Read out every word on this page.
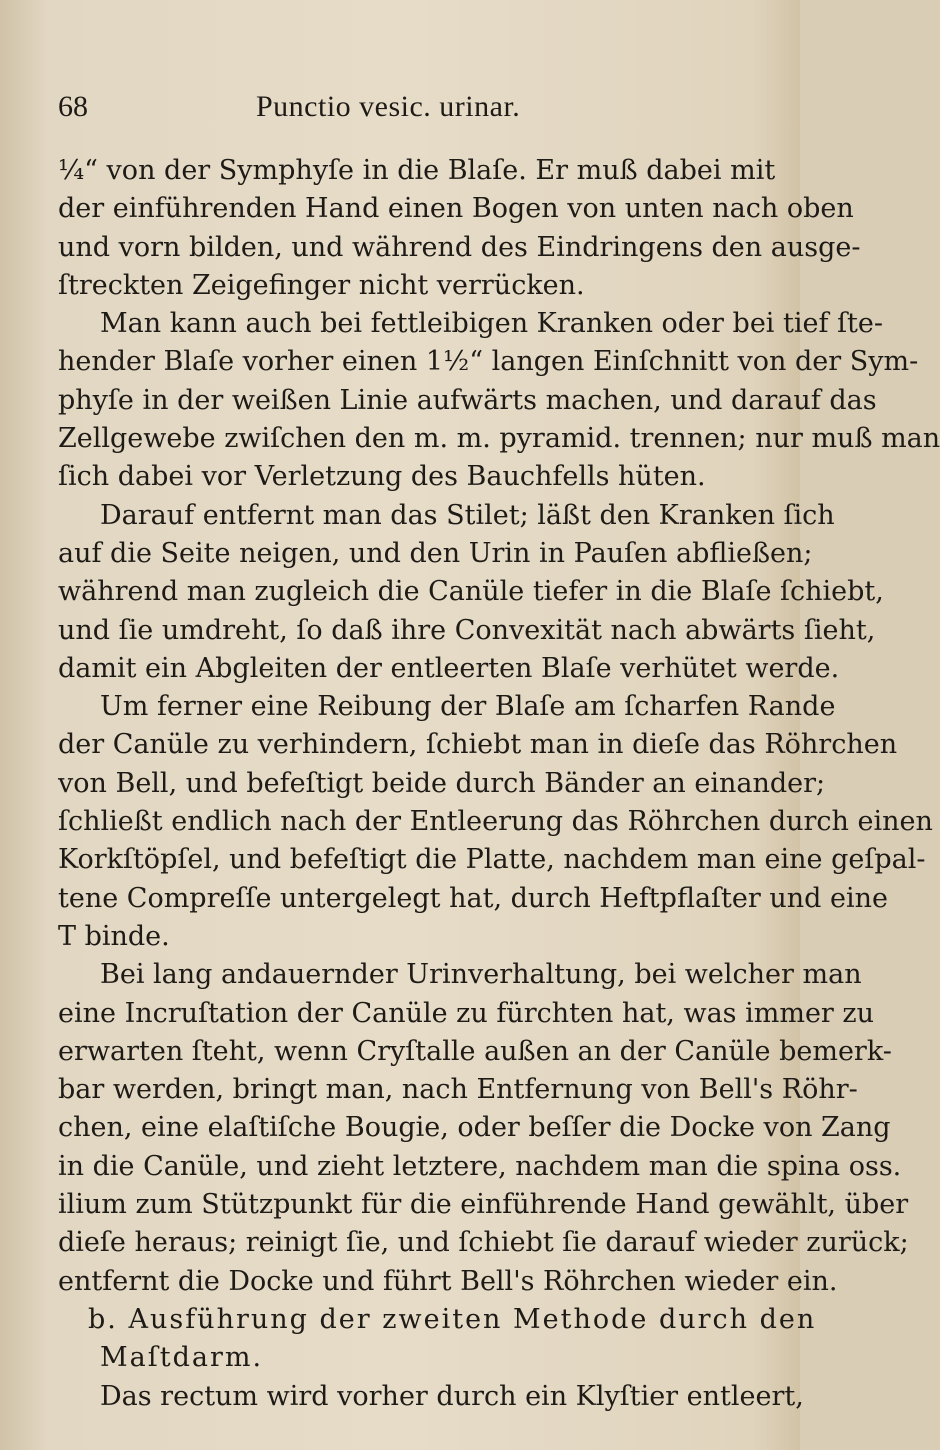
68	Punctio vesic. urinar.
¼“ von der Symphyſe in die Blaſe. Er muß dabei mit
der einführenden Hand einen Bogen von unten nach oben
und vorn bilden, und während des Eindringens den ausge-
ſtreckten Zeigefinger nicht verrücken.
Man kann auch bei fettleibigen Kranken oder bei tief ſte-
hender Blaſe vorher einen 1½“ langen Einſchnitt von der Sym-
phyſe in der weißen Linie aufwärts machen, und darauf das
Zellgewebe zwiſchen den m. m. pyramid. trennen; nur muß man
ſich dabei vor Verletzung des Bauchfells hüten.
Darauf entfernt man das Stilet; läßt den Kranken ſich
auf die Seite neigen, und den Urin in Pauſen abfließen;
während man zugleich die Canüle tiefer in die Blaſe ſchiebt,
und ſie umdreht, ſo daß ihre Convexität nach abwärts ſieht,
damit ein Abgleiten der entleerten Blaſe verhütet werde.
Um ferner eine Reibung der Blaſe am ſcharfen Rande
der Canüle zu verhindern, ſchiebt man in dieſe das Röhrchen
von Bell, und befeſtigt beide durch Bänder an einander;
ſchließt endlich nach der Entleerung das Röhrchen durch einen
Korkſtöpſel, und befeſtigt die Platte, nachdem man eine geſpal-
tene Compreſſe untergelegt hat, durch Heftpflaſter und eine
T binde.
Bei lang andauernder Urinverhaltung, bei welcher man
eine Incruſtation der Canüle zu fürchten hat, was immer zu
erwarten ſteht, wenn Cryſtalle außen an der Canüle bemerk-
bar werden, bringt man, nach Entfernung von Bell's Röhr-
chen, eine elaſtiſche Bougie, oder beſſer die Docke von Zang
in die Canüle, und zieht letztere, nachdem man die spina oss.
ilium zum Stützpunkt für die einführende Hand gewählt, über
dieſe heraus; reinigt ſie, und ſchiebt ſie darauf wieder zurück;
entfernt die Docke und führt Bell's Röhrchen wieder ein.
b. Ausführung der zweiten Methode durch den
Maſtdarm.
Das rectum wird vorher durch ein Klyſtier entleert,
